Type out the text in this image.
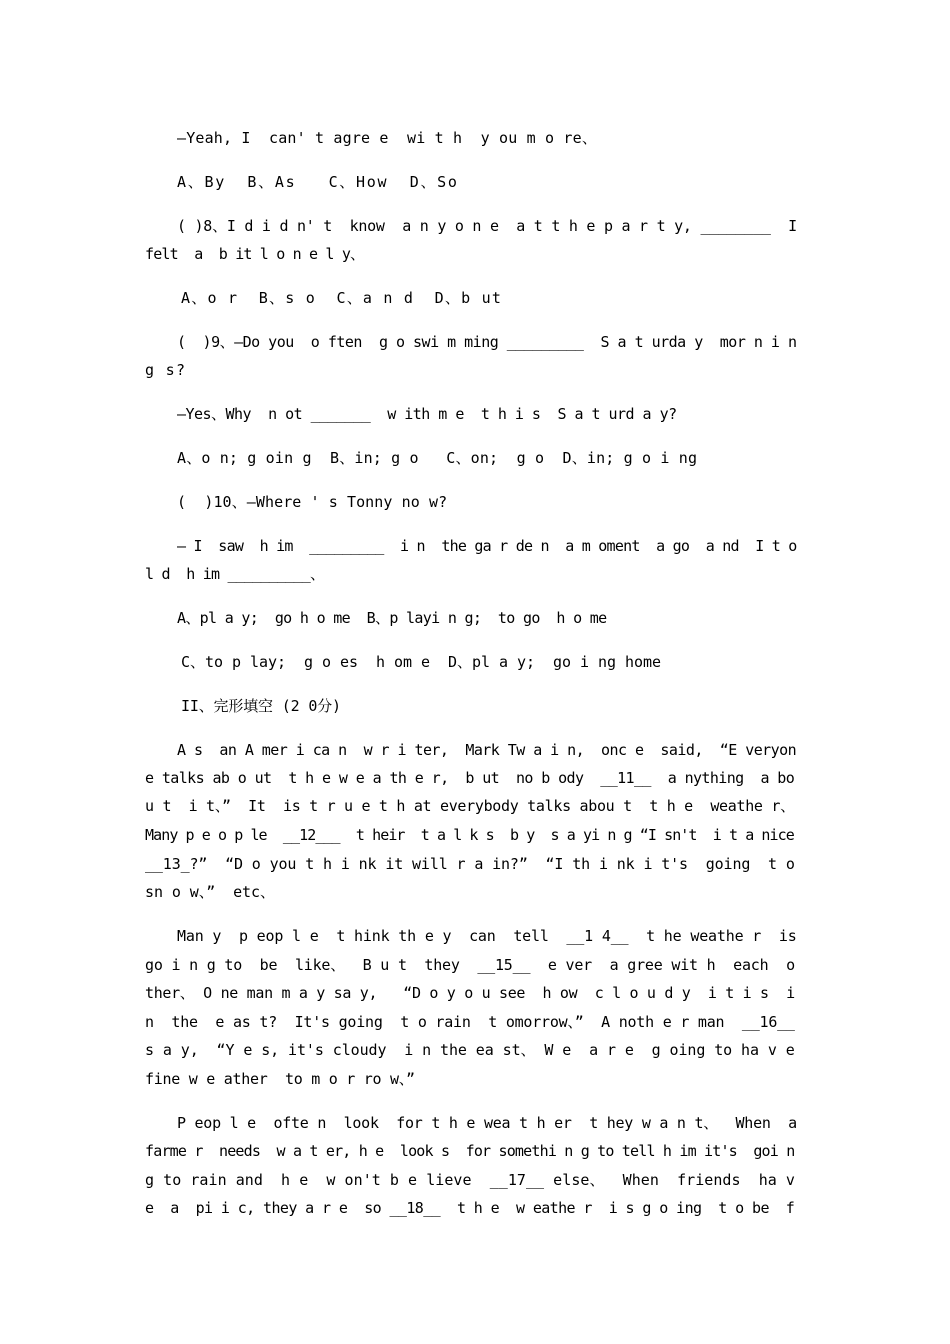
—Yeah, I  can' t agre e  wi t h  y ou m o re、
A、By  B、As   C、How  D、So
( )8、I d i d n' t  know  a n y o n e  a t t h e p a r t y, ________  I
felt  a  b it l o n e l y、
A、o r  B、s o  C、a n d  D、b ut
(  )9、—Do you  o ften  g o swi m ming _________  S a t urda y  mor n i n
g s?
—Yes、Why  n ot _______  w ith m e  t h i s  S a t urd a y?
A、o n; g oin g  B、in; g o   C、on;  g o  D、in; g o i ng
(  )10、—Where ' s Tonny no w?
— I  saw  h im  _________  i n  the ga r de n  a m oment  a go  a nd  I t o
l d  h im __________、
A、pl a y;  go h o me  B、p layi n g;  to go  h o me
C、to p lay;  g o es  h om e  D、pl a y;  go i ng home
II、完形填空 (2 0分)
A s  an A mer i ca n  w r i ter,  Mark Tw a i n,  onc e  said,  “E veryon
e talks ab o ut  t h e w e a th e r,  b ut  no b ody  __11__  a nything  a bo
u t  i t、”  It  is t r u e t h at everybody talks abou t  t h e  weathe r、
Many p e o p le  __12___  t heir  t a l k s  b y  s a yi n g “I sn't  i t a nice
__13_?”  “D o you t h i nk it will r a in?”  “I th i nk i t's  going  t o
sn o w、”  etc、
Man y  p eop l e  t hink th e y  can  tell  __1 4__  t he weathe r  is
go i n g to  be  like、  B u t  they  __15__  e ver  a gree wit h  each  o
ther、 O ne man m a y sa y,   “D o y o u see  h ow  c l o u d y  i t i s  i
n  the  e as t?  It's going  t o rain  t omorrow、”  A noth e r man  __16__
s a y,  “Y e s, it's cloudy  i n the ea st、 W e  a r e  g oing to ha v e
fine w e ather  to m o r ro w、”
P eop l e  ofte n  look  for t h e wea t h er  t hey w a n t、  When  a
farme r  needs  w a t er, h e  look s  for somethi n g to tell h im it's  goi n
g to rain and  h e  w on't b e lieve  __17__ else、  When  friends  ha v
e  a  pi i c, they a r e  so __18__  t h e  w eathe r  i s g o ing  t o be  f
